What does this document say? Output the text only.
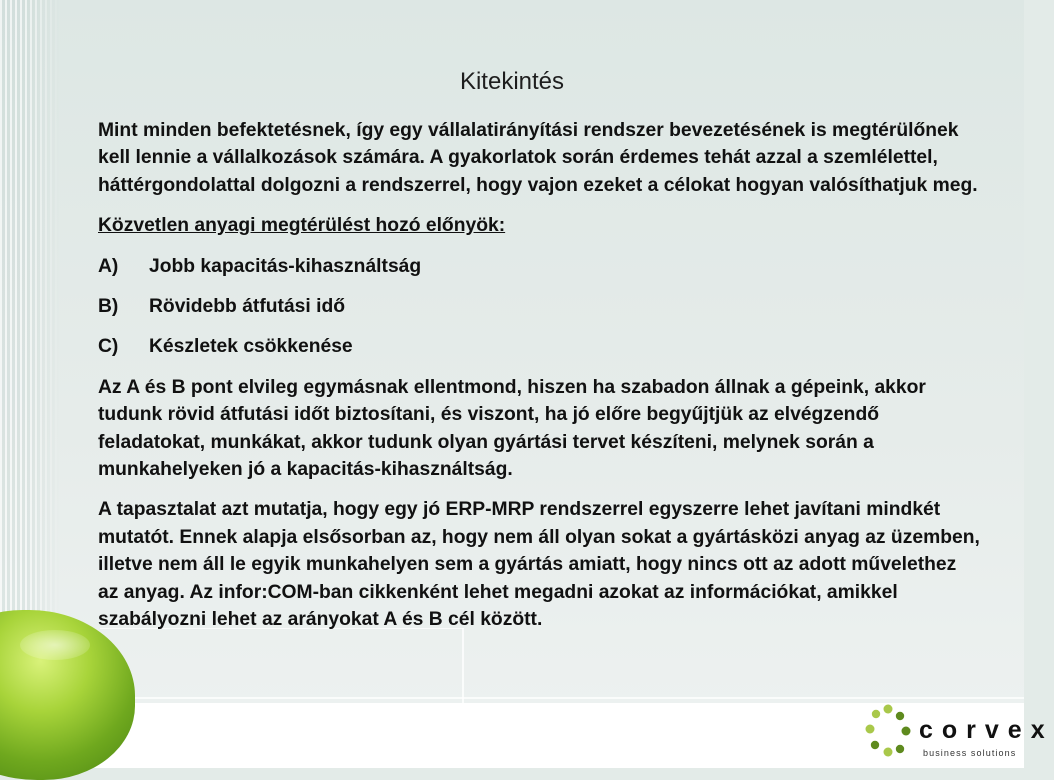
Kitekintés

Mint minden befektetésnek, így egy vállalatirányítási rendszer bevezetésének is megtérülőnek kell lennie a vállalkozások számára. A gyakorlatok során érdemes tehát azzal a szemlélettel, háttérgondolattal dolgozni a rendszerrel, hogy vajon ezeket a célokat hogyan valósíthatjuk meg.

Közvetlen anyagi megtérülést hozó előnyök:

A)	Jobb kapacitás-kihasználtság
B)	Rövidebb átfutási idő
C)	Készletek csökkenése

Az A és B pont elvileg egymásnak ellentmond, hiszen ha szabadon állnak a gépeink, akkor tudunk rövid átfutási időt biztosítani, és viszont, ha jó előre begyűjtjük az elvégzendő feladatokat, munkákat, akkor tudunk olyan gyártási tervet készíteni, melynek során a munkahelyeken jó a kapacitás-kihasználtság.

A tapasztalat azt mutatja, hogy egy jó ERP-MRP rendszerrel egyszerre lehet javítani mindkét mutatót. Ennek alapja elsősorban az, hogy nem áll olyan sokat a gyártásközi anyag az üzemben, illetve nem áll le egyik munkahelyen sem a gyártás amiatt, hogy nincs ott az adott művelethez az anyag. Az infor:COM-ban cikkenként lehet megadni azokat az információkat, amikkel szabályozni lehet az arányokat A és B cél között.

corvex
business solutions
